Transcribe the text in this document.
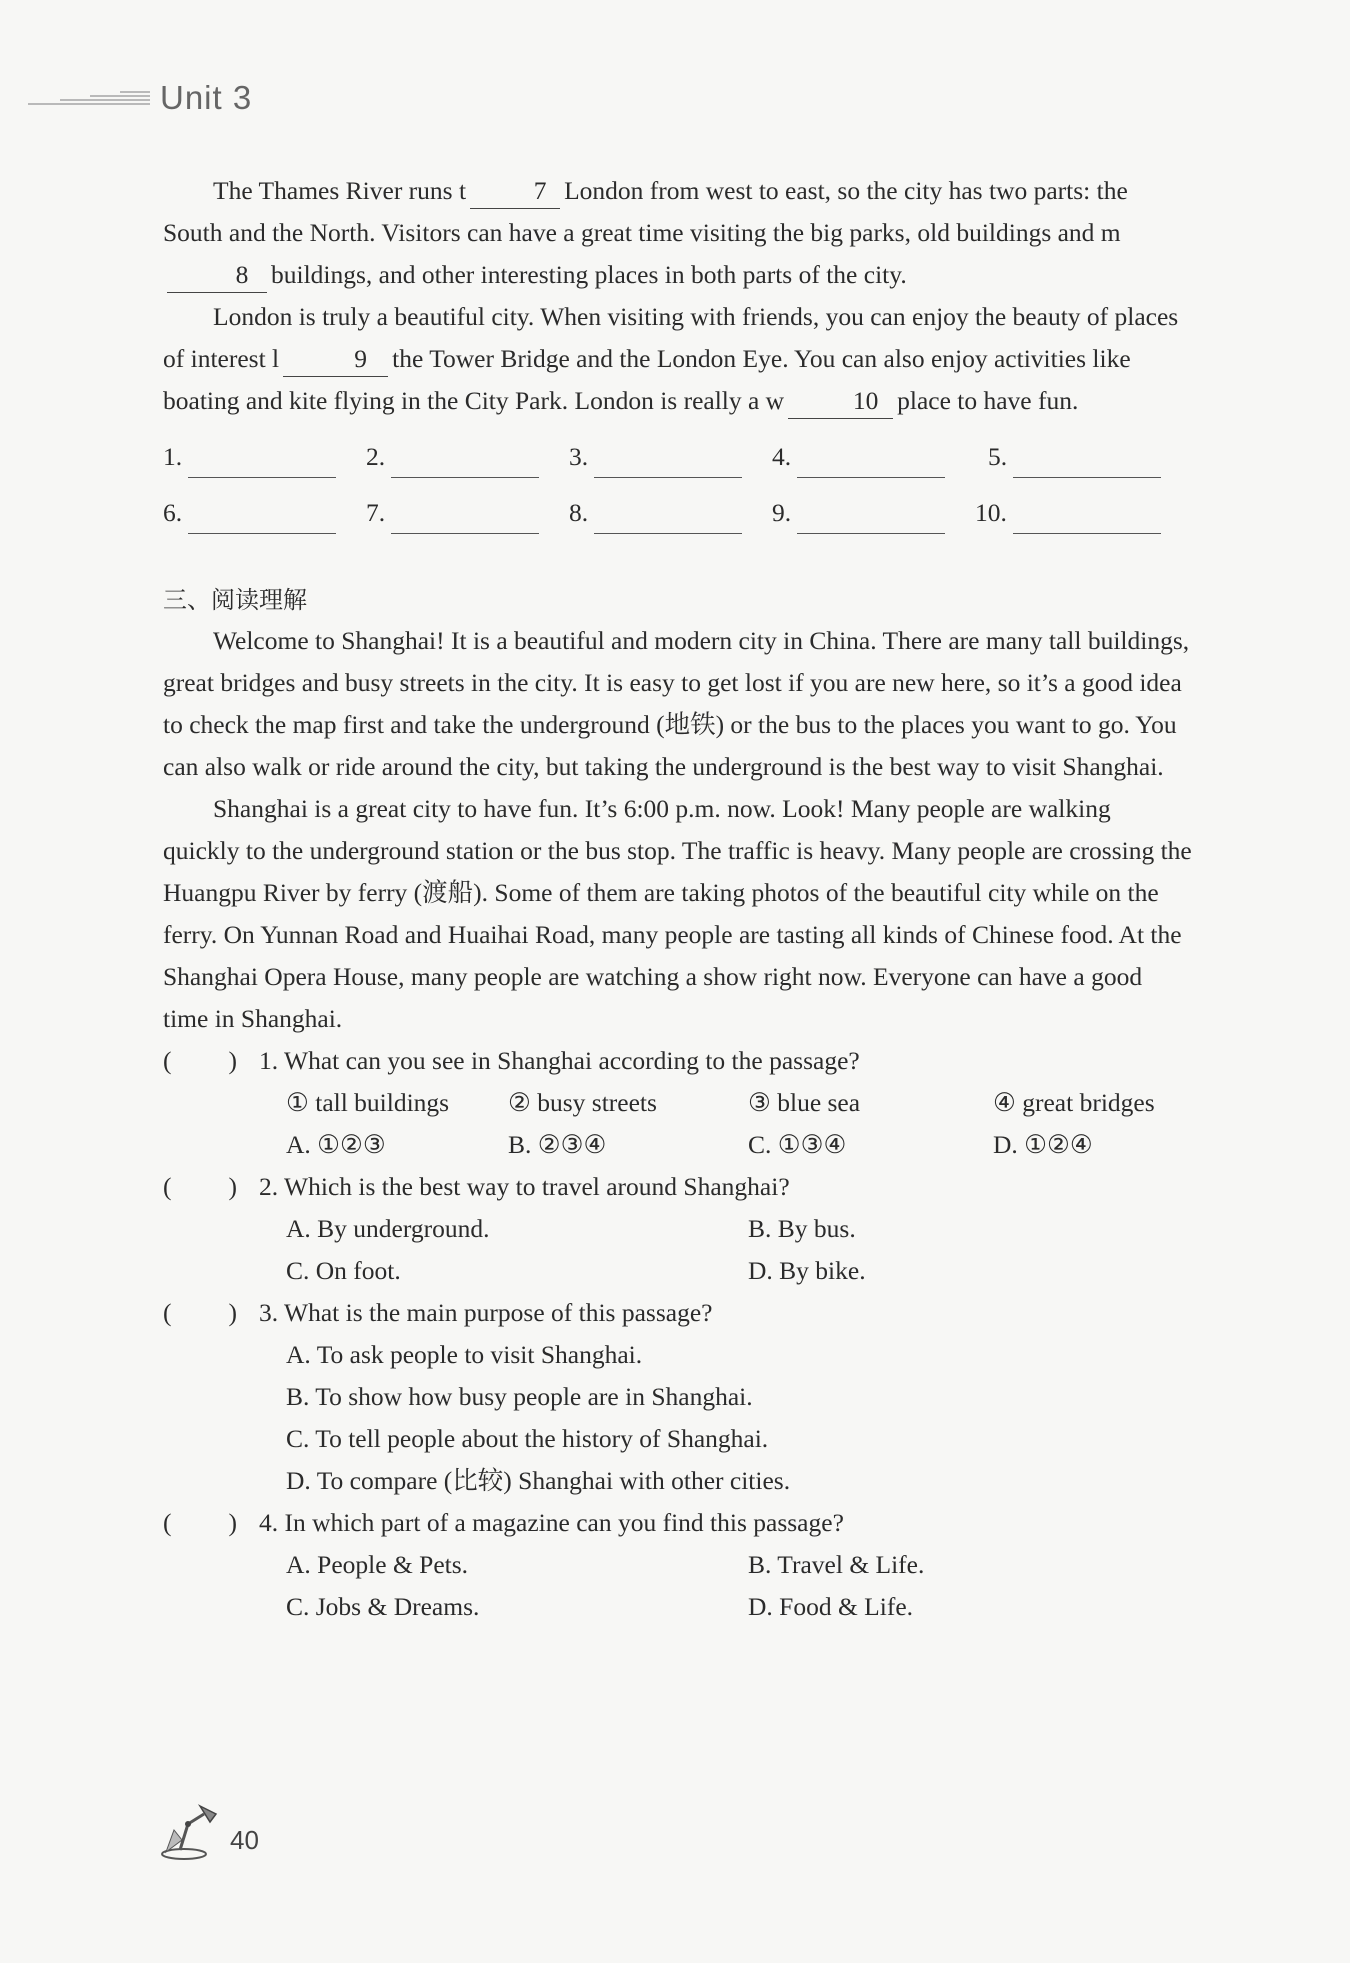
Unit 3

The Thames River runs t	7 London from west to east, so the city has two parts: the South and the North. Visitors can have a great time visiting the big parks, old buildings and m8 buildings, and other interesting places in both parts of the city.

London is truly a beautiful city. When visiting with friends, you can enjoy the beauty of places of interest l	9 the Tower Bridge and the London Eye. You can also enjoy activities like boating and kite flying in the City Park. London is really a w	10 place to have fun.

1.	2.	3.	4.	5.
6.	7.	8.	9.	10.
三、阅读理解

Welcome to Shanghai! It is a beautiful and modern city in China. There are many tall buildings, great bridges and busy streets in the city. It is easy to get lost if you are new here, so it’s a good idea to check the map first and take the underground (地铁) or the bus to the places you want to go. You can also walk or ride around the city, but taking the underground is the best way to visit Shanghai.

Shanghai is a great city to have fun. It’s 6:00 p.m. now. Look! Many people are walking quickly to the underground station or the bus stop. The traffic is heavy. Many people are crossing the Huangpu River by ferry (渡船). Some of them are taking photos of the beautiful city while on the ferry. On Yunnan Road and Huaihai Road, many people are tasting all kinds of Chinese food. At the Shanghai Opera House, many people are watching a show right now. Everyone can have a good time in Shanghai.

( ) 1. What can you see in Shanghai according to the passage?
① tall buildings	② busy streets	③ blue sea	④ great bridges
A. ①②③	B. ②③④	C. ①③④	D. ①②④
( ) 2. Which is the best way to travel around Shanghai?
A. By underground.	B. By bus.
C. On foot.	D. By bike.
( ) 3. What is the main purpose of this passage?
A. To ask people to visit Shanghai.
B. To show how busy people are in Shanghai.
C. To tell people about the history of Shanghai.
D. To compare (比较) Shanghai with other cities.
( ) 4. In which part of a magazine can you find this passage?
A. People & Pets.	B. Travel & Life.
C. Jobs & Dreams.	D. Food & Life.
40
